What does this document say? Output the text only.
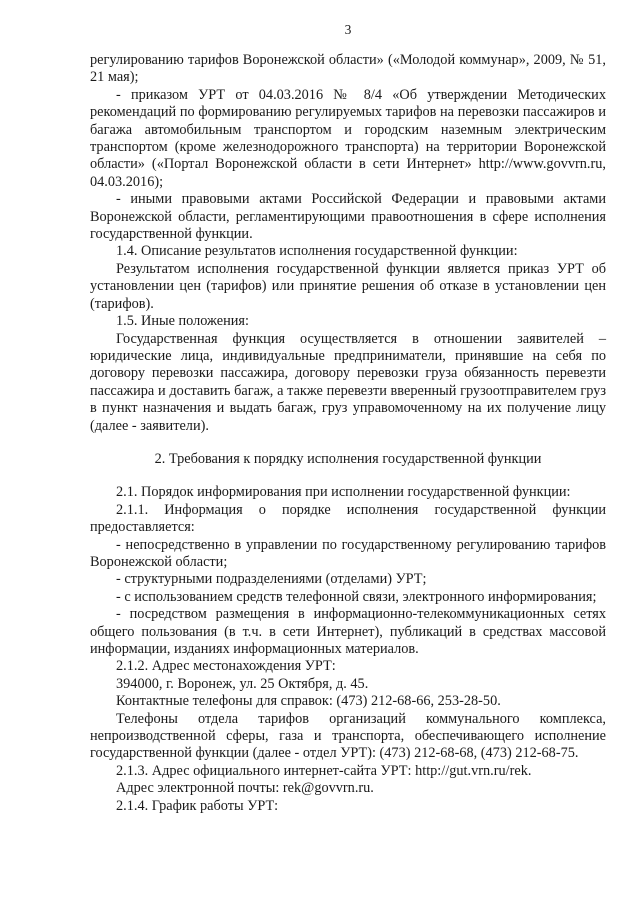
3

регулированию тарифов Воронежской области» («Молодой коммунар», 2009, № 51, 21 мая);

- приказом УРТ от 04.03.2016 № 8/4 «Об утверждении Методических рекомендаций по формированию регулируемых тарифов на перевозки пассажиров и багажа автомобильным транспортом и городским наземным электрическим транспортом (кроме железнодорожного транспорта) на территории Воронежской области» («Портал Воронежской области в сети Интернет» http://www.govvrn.ru, 04.03.2016);

- иными правовыми актами Российской Федерации и правовыми актами Воронежской области, регламентирующими правоотношения в сфере исполнения государственной функции.

1.4. Описание результатов исполнения государственной функции:

Результатом исполнения государственной функции является приказ УРТ об установлении цен (тарифов) или принятие решения об отказе в установлении цен (тарифов).

1.5. Иные положения:

Государственная функция осуществляется в отношении заявителей – юридические лица, индивидуальные предприниматели, принявшие на себя по договору перевозки пассажира, договору перевозки груза обязанность перевезти пассажира и доставить багаж, а также перевезти вверенный грузоотправителем груз в пункт назначения и выдать багаж, груз управомоченному на их получение лицу (далее - заявители).

2. Требования к порядку исполнения государственной функции

2.1. Порядок информирования при исполнении государственной функции:

2.1.1. Информация о порядке исполнения государственной функции предоставляется:

- непосредственно в управлении по государственному регулированию тарифов Воронежской области;

- структурными подразделениями (отделами) УРТ;

- с использованием средств телефонной связи, электронного информирования;

- посредством размещения в информационно-телекоммуникационных сетях общего пользования (в т.ч. в сети Интернет), публикаций в средствах массовой информации, изданиях информационных материалов.

2.1.2. Адрес местонахождения УРТ:

394000, г. Воронеж, ул. 25 Октября, д. 45.

Контактные телефоны для справок: (473) 212-68-66, 253-28-50.

Телефоны отдела тарифов организаций коммунального комплекса, непроизводственной сферы, газа и транспорта, обеспечивающего исполнение государственной функции (далее - отдел УРТ): (473) 212-68-68, (473) 212-68-75.

2.1.3. Адрес официального интернет-сайта УРТ: http://gut.vrn.ru/rek.

Адрес электронной почты: rek@govvrn.ru.

2.1.4. График работы УРТ:
